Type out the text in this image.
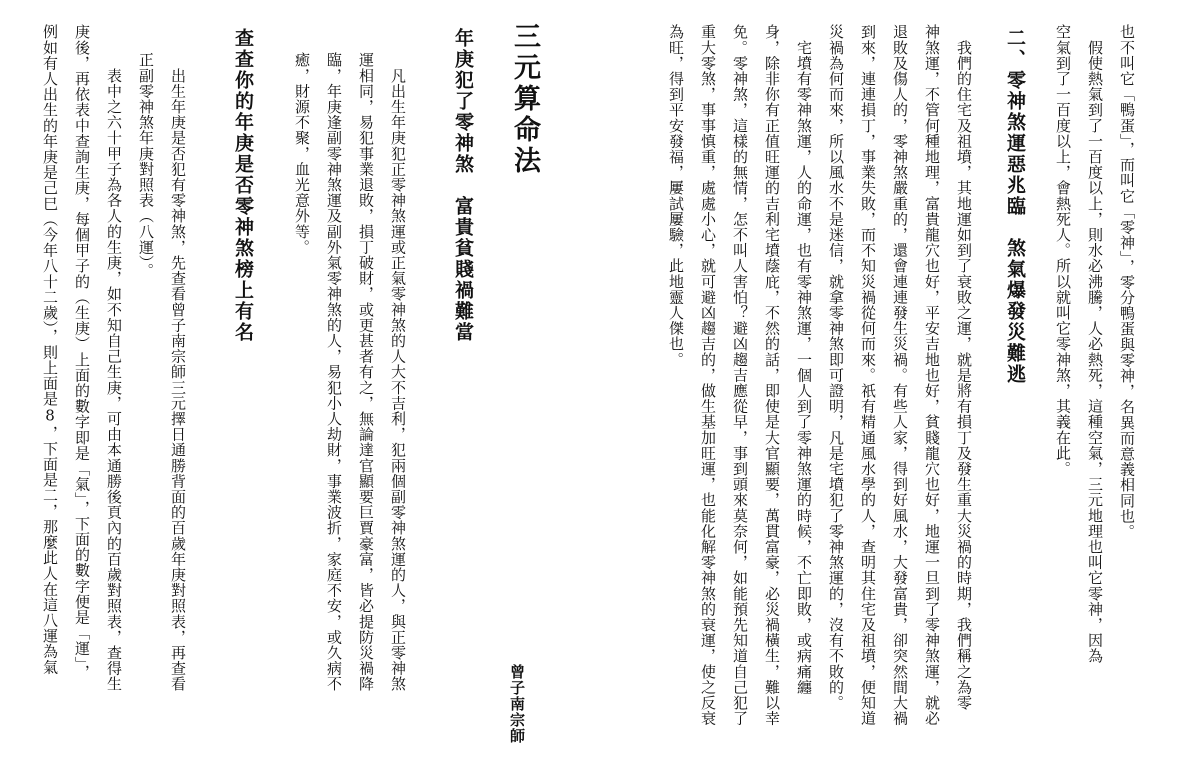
也不叫它「鴨蛋」，而叫它「零神」，零分鴨蛋與零神，名異而意義相同也。
　假使熱氣到了一百度以上，則水必沸騰，人必熱死，這種空氣，三元地理也叫它零神，因為
空氣到了一百度以上，會熱死人。所以就叫它零神煞，其義在此。
二、零神煞運惡兆臨　煞氣爆發災難逃
　我們的住宅及祖墳，其地運如到了衰敗之運，就是將有損丁及發生重大災禍的時期，我們稱之為零
神煞運，不管何種地理，富貴龍穴也好，平安吉地也好，貧賤龍穴也好，地運一旦到了零神煞運，就必
退敗及傷人的，零神煞嚴重的，還會連連發生災禍。有些人家，得到好風水，大發富貴，卻突然間大禍
到來，連連損丁，事業失敗，而不知災禍從何而來。祇有精通風水學的人，查明其住宅及祖墳，便知道
災禍為何而來，所以風水不是迷信，就拿零神煞即可證明，凡是宅墳犯了零神煞運的，沒有不敗的。
　宅墳有零神煞運，人的命運，也有零神煞運，一個人到了零神煞運的時候，不亡即敗，或病痛纏
身，除非你有正值旺運的吉利宅墳蔭庇，不然的話，即使是大官顯要，萬貫富豪，必災禍橫生，難以幸
免。零神煞，這樣的無情，怎不叫人害怕？避凶趨吉應從早，事到頭來莫奈何，如能預先知道自己犯了
重大零煞，事事慎重，處處小心，就可避凶趨吉的，做生基加旺運，也能化解零神煞的衰運，使之反衰
為旺，得到平安發福，屢試屢驗，此地靈人傑也。
三元算命法
年庚犯了零神煞　富貴貧賤禍難當
曾子南宗師
　凡出生年庚犯正零神煞運或正氣零神煞的人大不吉利，犯兩個副零神煞運的人，與正零神煞
運相同，易犯事業退敗，損丁破財，或更甚者有之，無論達官顯要巨賈豪富，皆必提防災禍降
臨，年庚逢副零神煞運及副外氣零神煞的人，易犯小人劫財，事業波折，家庭不安，或久病不
癒，財源不聚，血光意外等。
查查你的年庚是否零神煞榜上有名
　出生年庚是否犯有零神煞，先查看曾子南宗師三元擇日通勝背面的百歲年庚對照表，再查看
正副零神煞年庚對照表（八運）。
　表中之六十甲子為各人的生庚，如不知自己生庚，可由本通勝後頁內的百歲對照表，查得生
庚後，再依表中查詢生庚，每個甲子的（生庚）上面的數字即是「氣」，下面的數字便是「運」，
例如有人出生的年庚是己巳（今年八十二歲），則上面是8，下面是二，那麼此人在這八運為氣
